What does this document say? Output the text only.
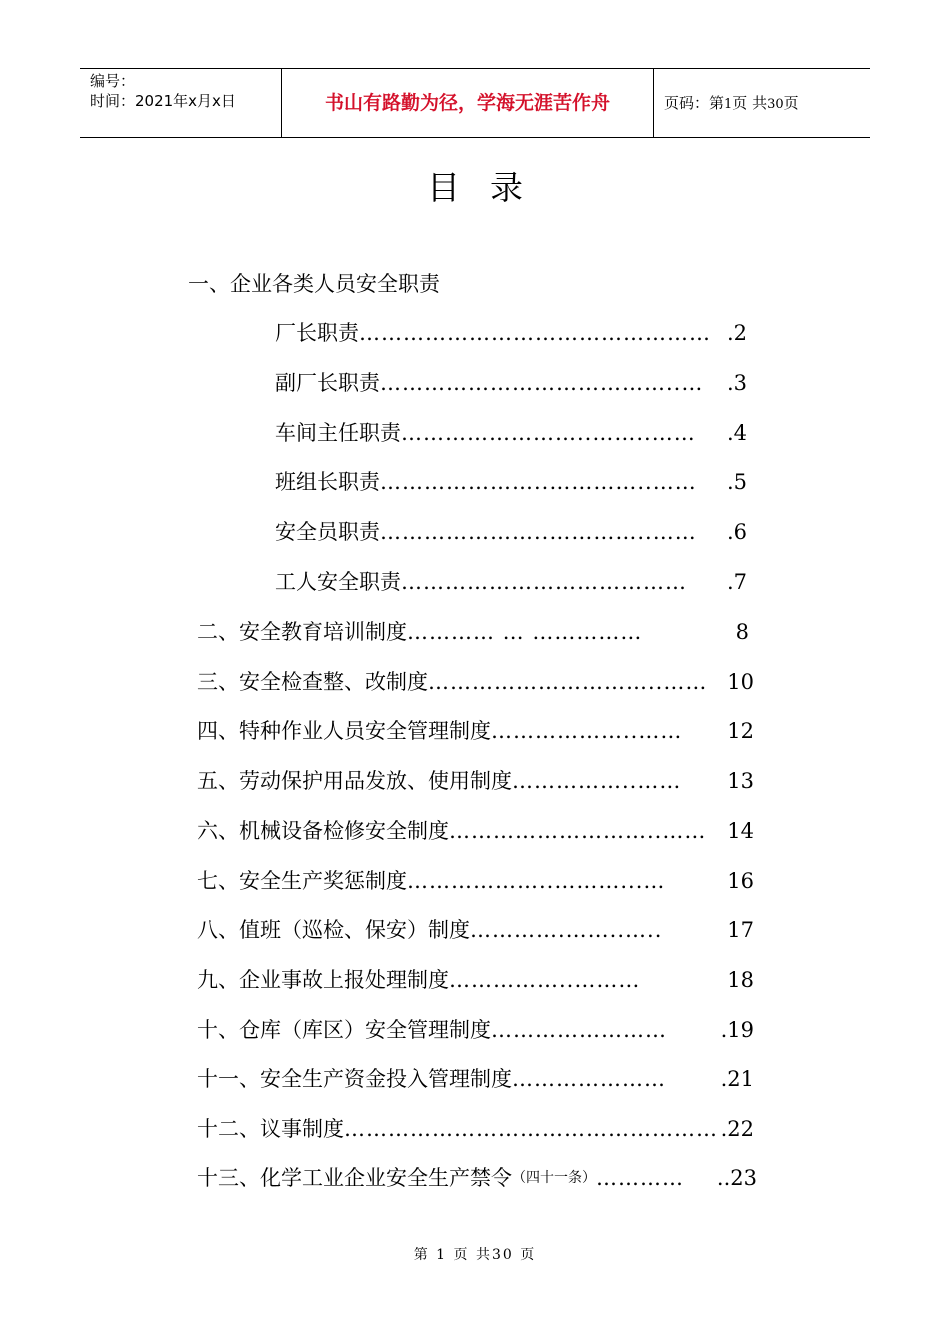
编号：
时间：2021年x月x日	书山有路勤为径，学海无涯苦作舟	页码：第1页 共30页
目录
一、企业各类人员安全职责
厂长职责 ………………………………………… .2
副厂长职责 …………………………………..…	.3
车间主任职责 ……………………..……..……	.4
班组长职责 …………………..…………..……	.5
安全员职责 …………………..…………..……	.6
工人安全职责 …………………………………	.7
二、安全教育培训制度 ………… … ……………	8
三、安全检查整、改制度 …………………………..…… 10
四、特种作业人员安全管理制度 ………………..……	12
五、劳动保护用品发放、使用制度 ……………..……	13
六、机械设备检修安全制度 ………………………..…… 14
七、安全生产奖惩制度 ………………..………...…	16
八、值班（巡检、保安）制度 ………….……..…..	17
九、企业事故上报处理制度 ……………..………	18
十、仓库（库区）安全管理制度 ……………………	.19
十一、安全生产资金投入管理制度 …………………	.21
十二、议事制度 …………………………………………… .22
十三、化学工业企业安全生产禁令 （四十一条） …………	..23
第 1 页 共30 页
